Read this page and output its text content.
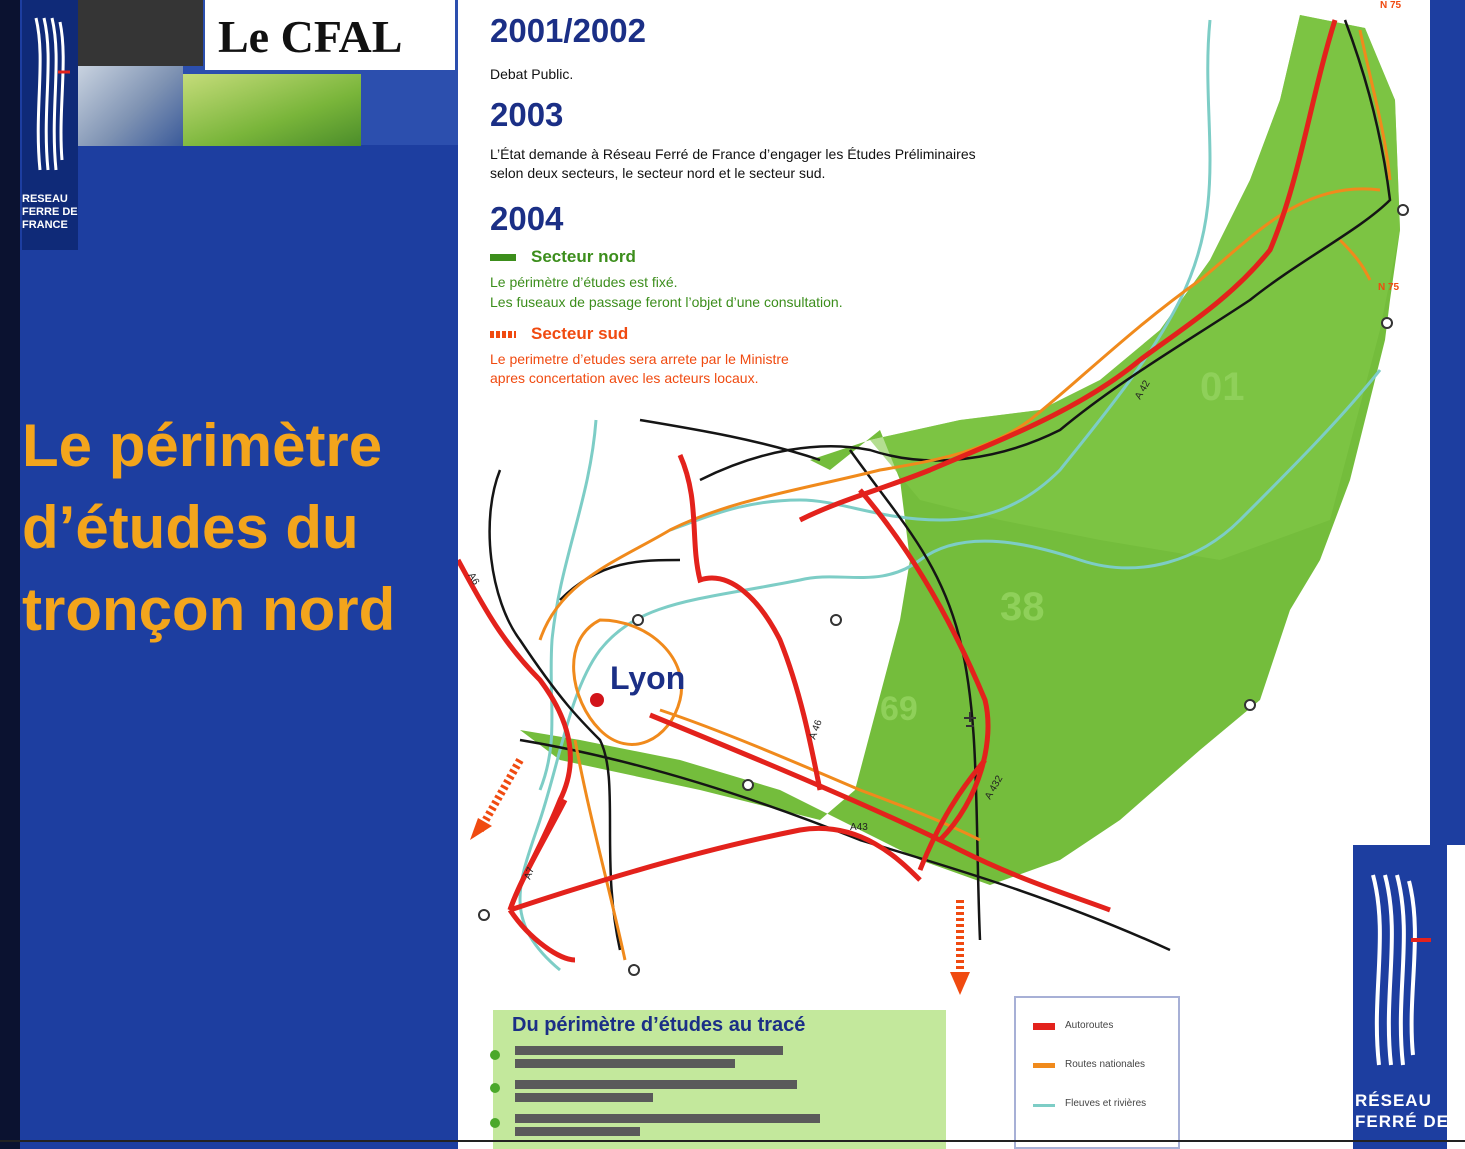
Le CFAL
RESEAU FERRE DE FRANCE
Le périmètre
d’études du
tronçon nord
01
38
69
N 75
N 75
A 46
A 42
A 432
A43
A7
A6
2001/2002
Debat Public.
2003
L’État demande à Réseau Ferré de France d’engager les Études Préliminaires
selon deux secteurs, le secteur nord et le secteur sud.
2004
Secteur nord
Le périmètre d’études est fixé.
Les fuseaux de passage feront l’objet d’une consultation.
Secteur sud
Le perimetre d’etudes sera arrete par le Ministre
apres concertation avec les acteurs locaux.
Lyon
Du périmètre d’études au tracé	Autoroutes
Routes nationales
Fleuves et rivières	RÉSEAU
FERRÉ DE
